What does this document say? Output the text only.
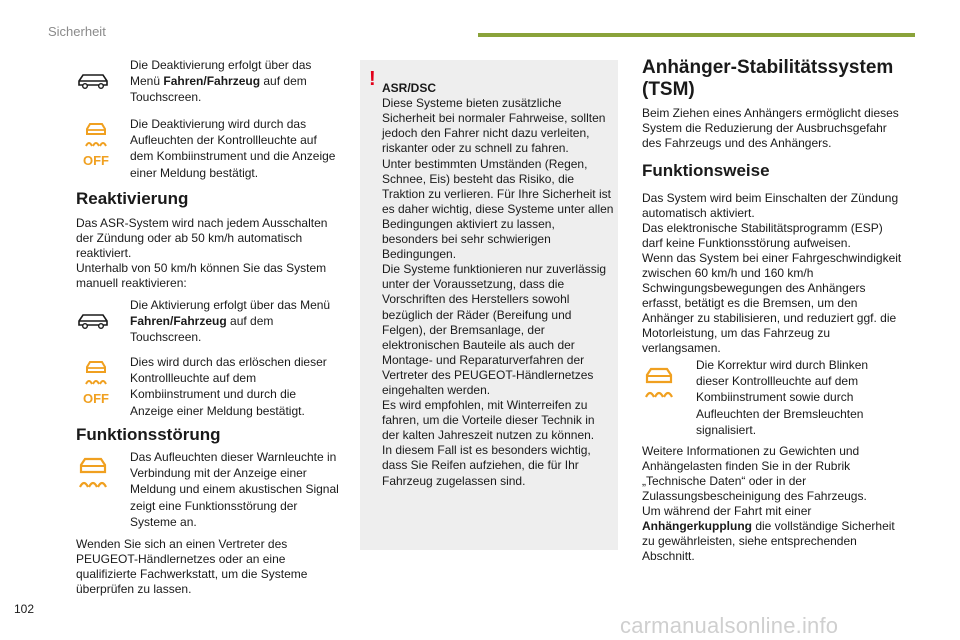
Sicherheit
Die Deaktivierung erfolgt über das Menü Fahren/Fahrzeug auf dem Touchscreen.
OFF
Die Deaktivierung wird durch das Aufleuchten der Kontrollleuchte auf dem Kombiinstrument und die Anzeige einer Meldung bestätigt.
Reaktivierung

Das ASR-System wird nach jedem Ausschalten der Zündung oder ab 50 km/h automatisch reaktiviert.
Unterhalb von 50 km/h können Sie das System manuell reaktivieren:

Die Aktivierung erfolgt über das Menü Fahren/Fahrzeug auf dem Touchscreen.
OFF
Dies wird durch das erlöschen dieser Kontrollleuchte auf dem Kombiinstrument und durch die Anzeige einer Meldung bestätigt.
Funktionsstörung
Das Aufleuchten dieser Warnleuchte in Verbindung mit der Anzeige einer Meldung und einem akustischen Signal zeigt eine Funktionsstörung der Systeme an.

Wenden Sie sich an einen Vertreter des PEUGEOT-Händlernetzes oder an eine qualifizierte Fachwerkstatt, um die Systeme überprüfen zu lassen.

! ASR/DSC

Diese Systeme bieten zusätzliche Sicherheit bei normaler Fahrweise, sollten jedoch den Fahrer nicht dazu verleiten, riskanter oder zu schnell zu fahren.
Unter bestimmten Umständen (Regen, Schnee, Eis) besteht das Risiko, die Traktion zu verlieren. Für Ihre Sicherheit ist es daher wichtig, diese Systeme unter allen Bedingungen aktiviert zu lassen, besonders bei sehr schwierigen Bedingungen.
Die Systeme funktionieren nur zuverlässig unter der Voraussetzung, dass die Vorschriften des Herstellers sowohl bezüglich der Räder (Bereifung und Felgen), der Bremsanlage, der elektronischen Bauteile als auch der Montage- und Reparaturverfahren der Vertreter des PEUGEOT-Händlernetzes eingehalten werden.
Es wird empfohlen, mit Winterreifen zu fahren, um die Vorteile dieser Technik in der kalten Jahreszeit nutzen zu können.
In diesem Fall ist es besonders wichtig, dass Sie Reifen aufziehen, die für Ihr Fahrzeug zugelassen sind.

Anhänger-Stabilitätssystem (TSM)

Beim Ziehen eines Anhängers ermöglicht dieses System die Reduzierung der Ausbruchsgefahr des Fahrzeugs und des Anhängers.

Funktionsweise

Das System wird beim Einschalten der Zündung automatisch aktiviert.
Das elektronische Stabilitätsprogramm (ESP) darf keine Funktionsstörung aufweisen.
Wenn das System bei einer Fahrgeschwindigkeit zwischen 60 km/h und 160 km/h Schwingungsbewegungen des Anhängers erfasst, betätigt es die Bremsen, um den Anhänger zu stabilisieren, und reduziert ggf. die Motorleistung, um das Fahrzeug zu verlangsamen.

Die Korrektur wird durch Blinken dieser Kontrollleuchte auf dem Kombiinstrument sowie durch Aufleuchten der Bremsleuchten signalisiert.

Weitere Informationen zu Gewichten und Anhängelasten finden Sie in der Rubrik „Technische Daten“ oder in der Zulassungsbescheinigung des Fahrzeugs.
Um während der Fahrt mit einer
Anhängerkupplung die vollständige Sicherheit zu gewährleisten, siehe entsprechenden Abschnitt.

102
carmanualsonline.info
